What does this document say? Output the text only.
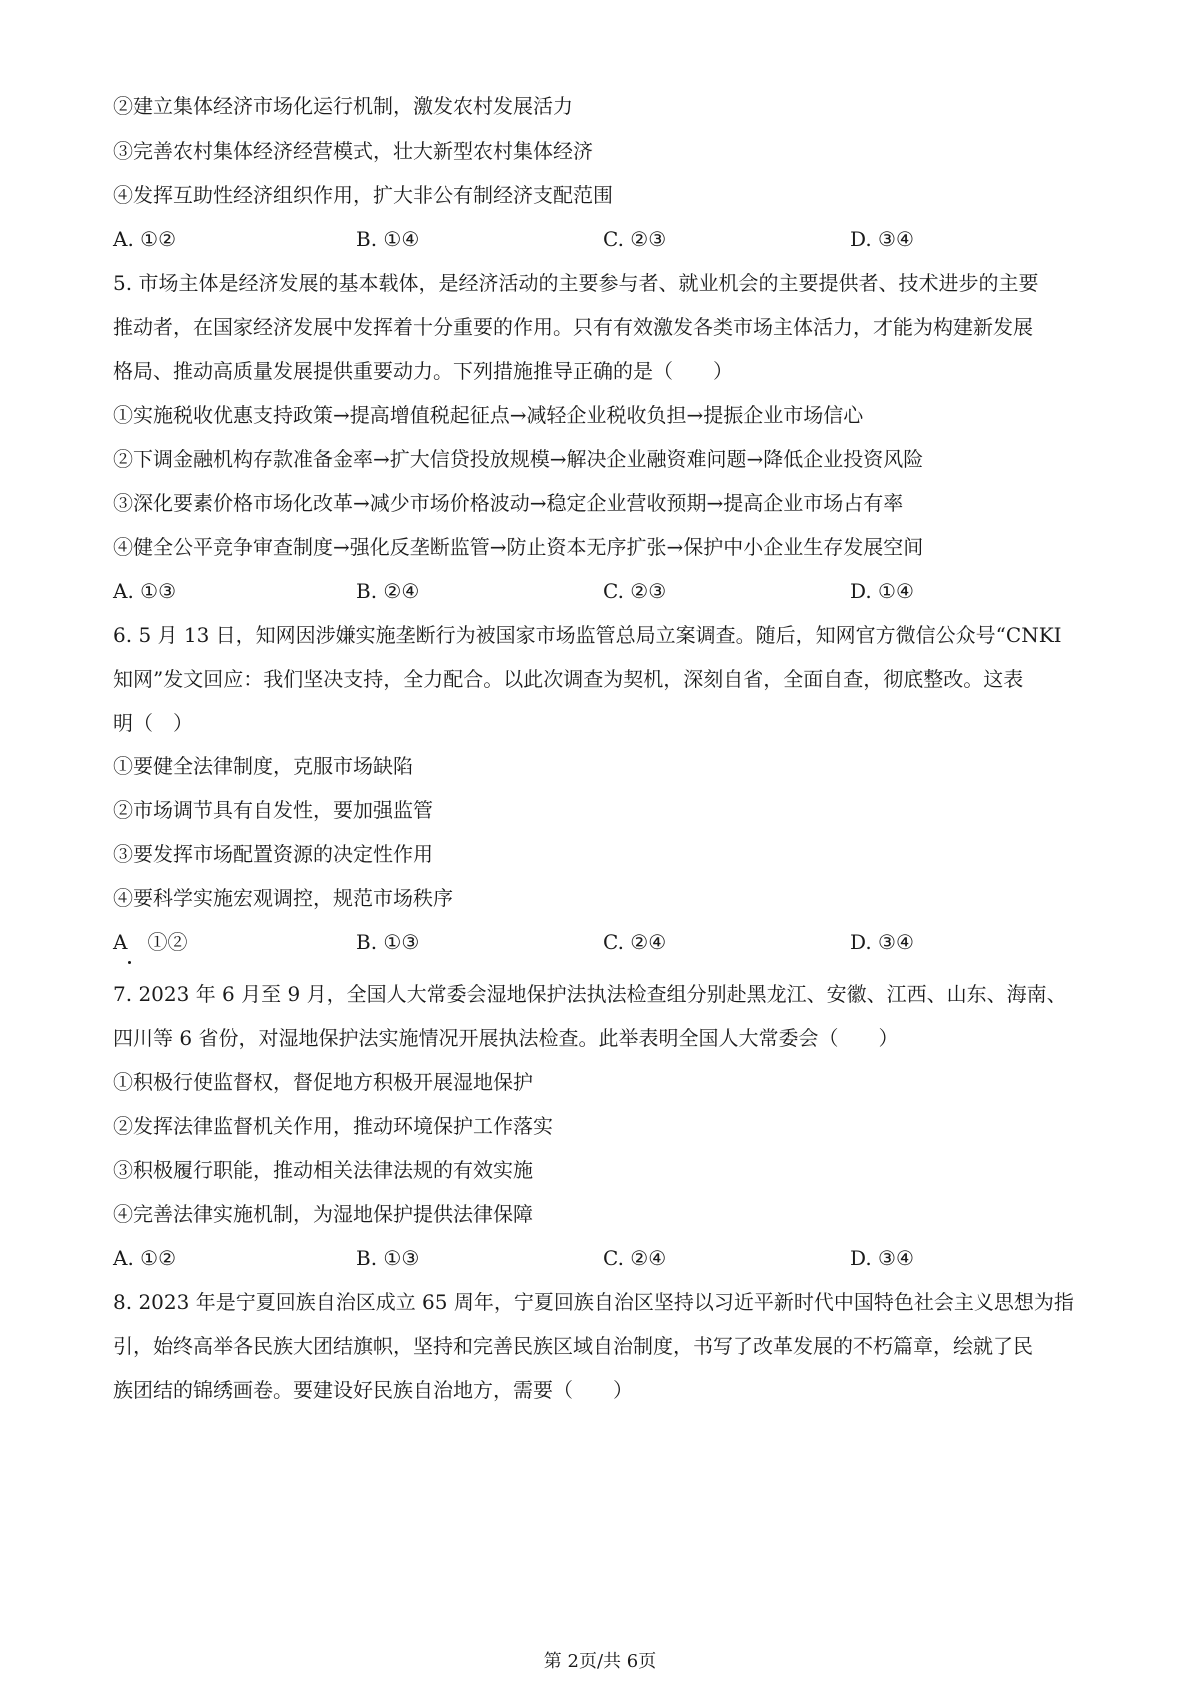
②建立集体经济市场化运行机制，激发农村发展活力

③完善农村集体经济经营模式，壮大新型农村集体经济

④发挥互助性经济组织作用，扩大非公有制经济支配范围

A. ①②	B. ①④	C. ②③	D. ③④

5. 市场主体是经济发展的基本载体，是经济活动的主要参与者、就业机会的主要提供者、技术进步的主要

推动者，在国家经济发展中发挥着十分重要的作用。只有有效激发各类市场主体活力，才能为构建新发展

格局、推动高质量发展提供重要动力。下列措施推导正确的是（　　）

①实施税收优惠支持政策→提高增值税起征点→减轻企业税收负担→提振企业市场信心

②下调金融机构存款准备金率→扩大信贷投放规模→解决企业融资难问题→降低企业投资风险

③深化要素价格市场化改革→减少市场价格波动→稳定企业营收预期→提高企业市场占有率

④健全公平竞争审查制度→强化反垄断监管→防止资本无序扩张→保护中小企业生存发展空间

A. ①③	B. ②④	C. ②③	D. ①④

6. 5 月 13 日，知网因涉嫌实施垄断行为被国家市场监管总局立案调查。随后，知网官方微信公众号“CNKI

知网”发文回应：我们坚决支持，全力配合。以此次调查为契机，深刻自省，全面自查，彻底整改。这表

明（　）

①要健全法律制度，克服市场缺陷

②市场调节具有自发性，要加强监管

③要发挥市场配置资源的决定性作用

④要科学实施宏观调控，规范市场秩序

A　①②	B. ①③	C. ②④	D. ③④

7. 2023 年 6 月至 9 月，全国人大常委会湿地保护法执法检查组分别赴黑龙江、安徽、江西、山东、海南、

四川等 6 省份，对湿地保护法实施情况开展执法检查。此举表明全国人大常委会（　　）

①积极行使监督权，督促地方积极开展湿地保护

②发挥法律监督机关作用，推动环境保护工作落实

③积极履行职能，推动相关法律法规的有效实施

④完善法律实施机制，为湿地保护提供法律保障

A. ①②	B. ①③	C. ②④	D. ③④

8. 2023 年是宁夏回族自治区成立 65 周年，宁夏回族自治区坚持以习近平新时代中国特色社会主义思想为指

引，始终高举各民族大团结旗帜，坚持和完善民族区域自治制度，书写了改革发展的不朽篇章，绘就了民

族团结的锦绣画卷。要建设好民族自治地方，需要（　　）

第 2页/共 6页
